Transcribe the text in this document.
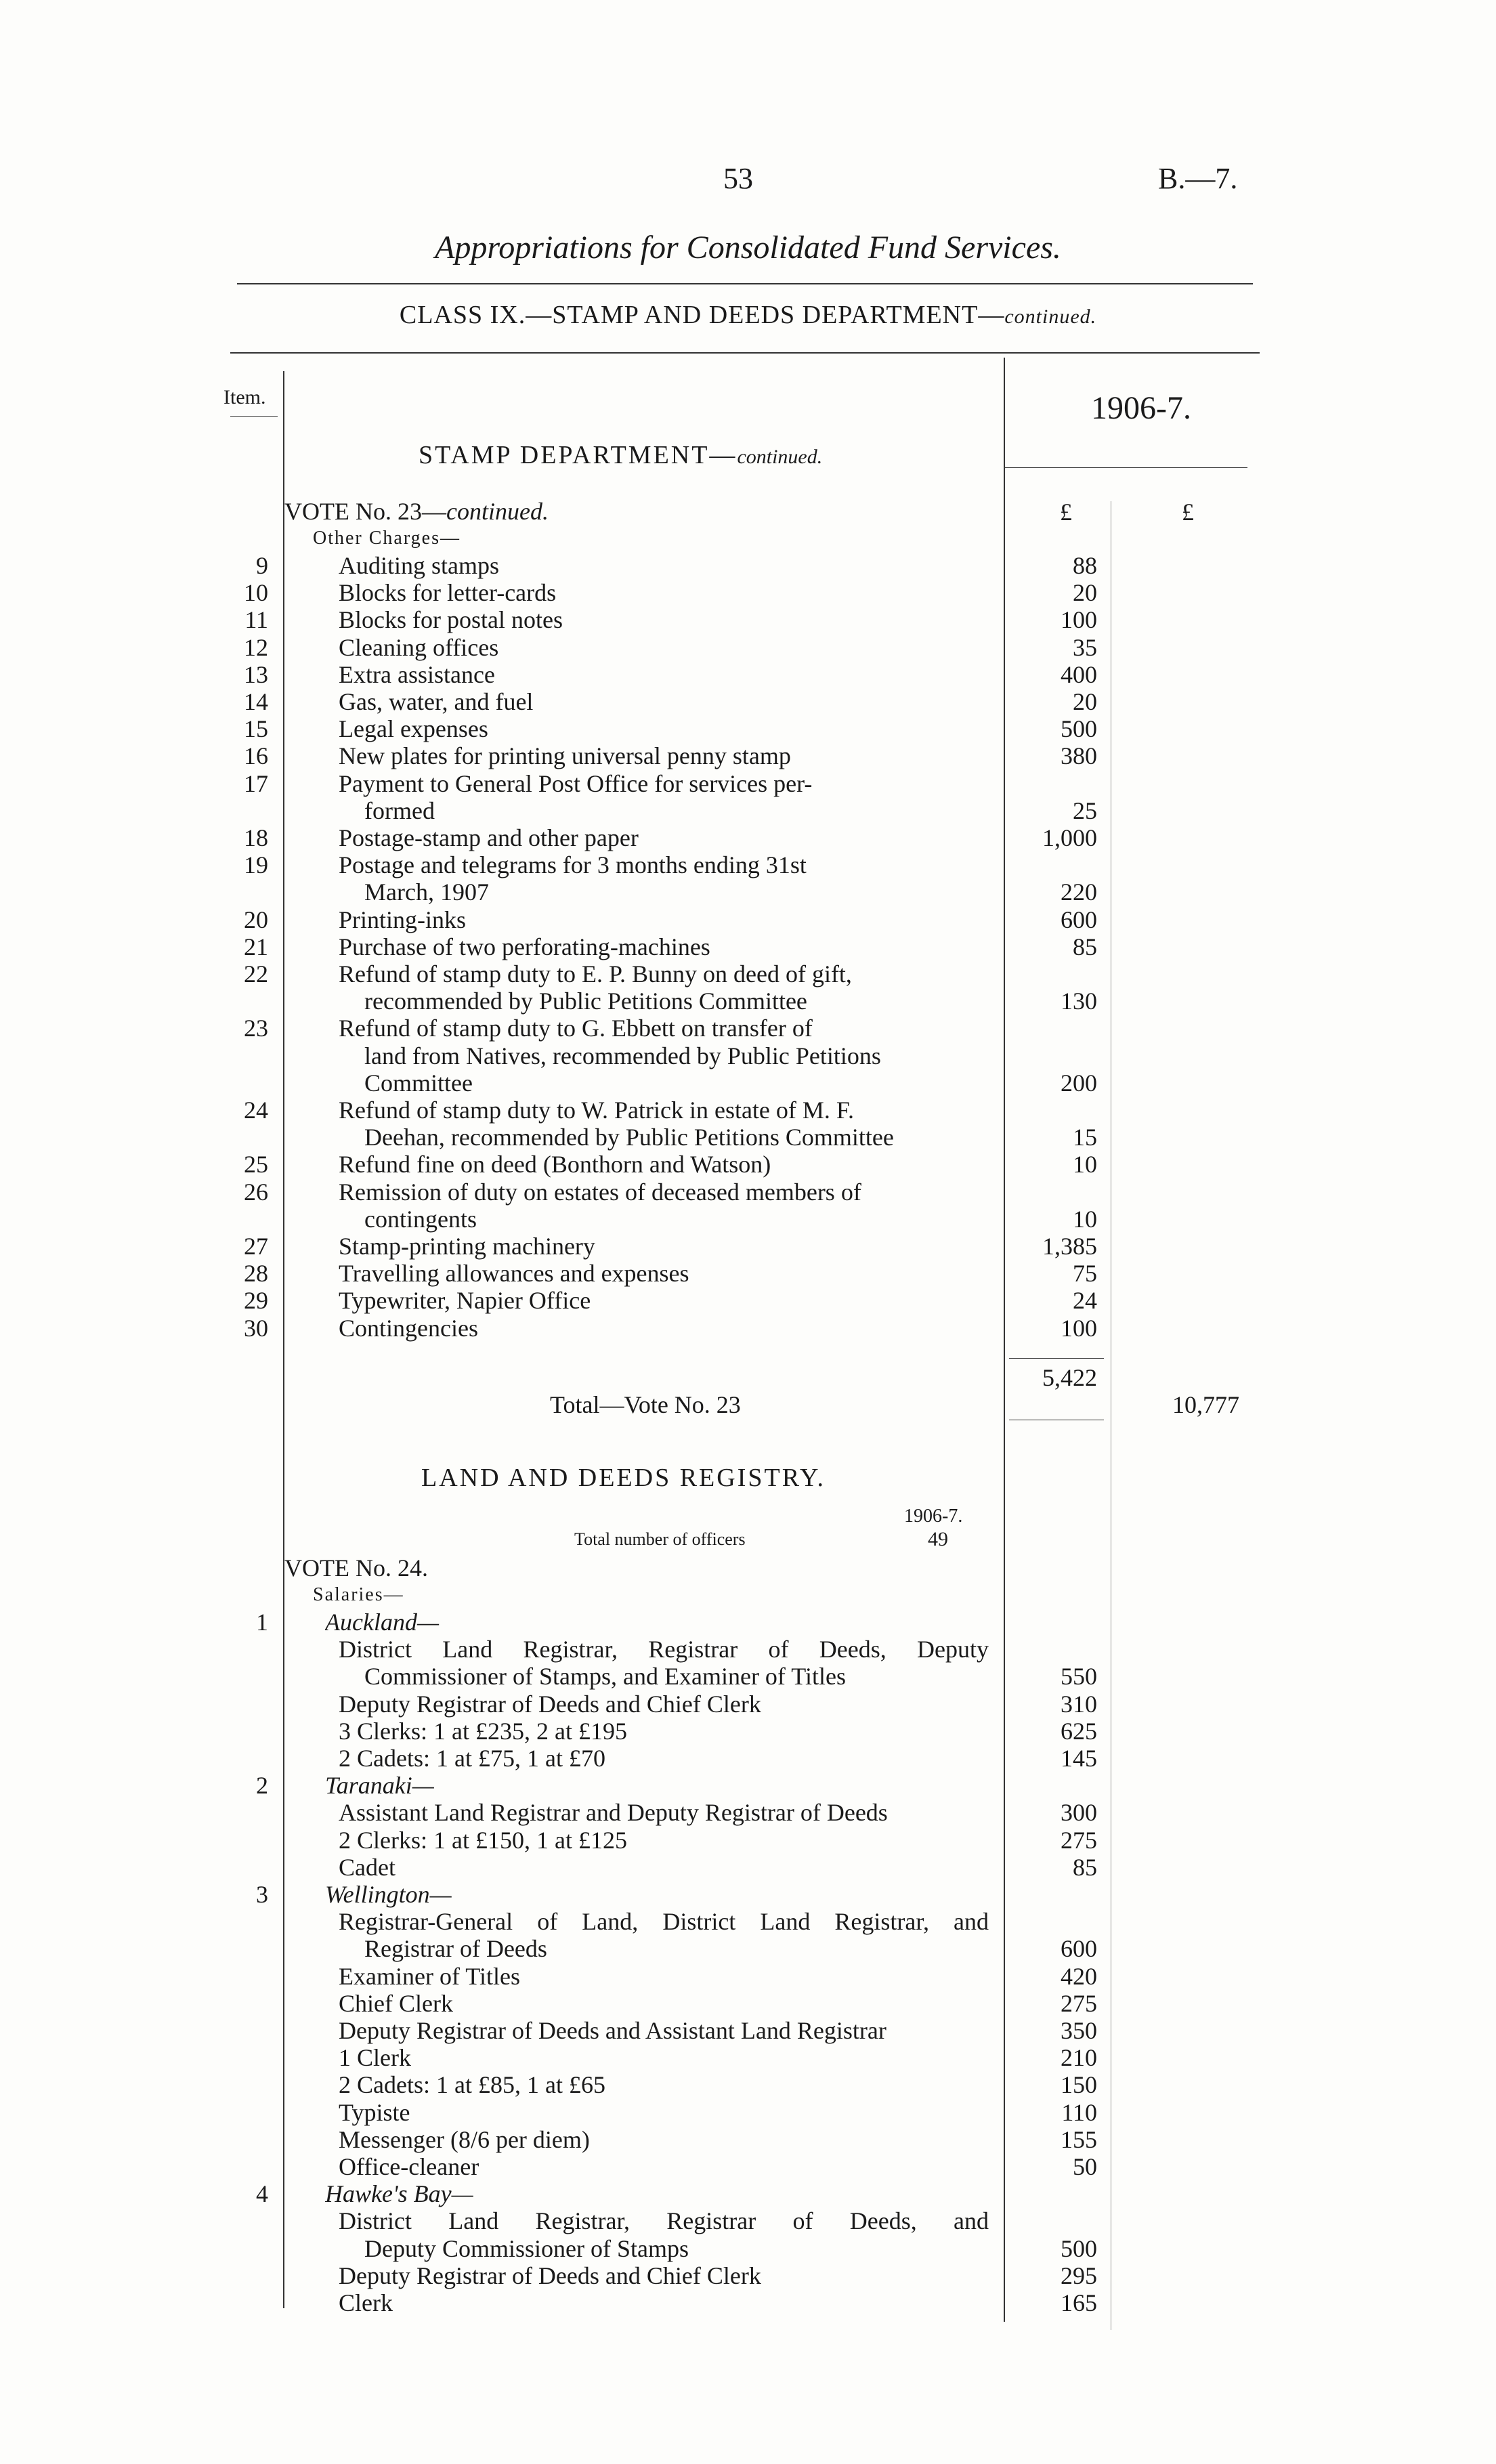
53	B.—7.
Appropriations for Consolidated Fund Services.
CLASS IX.—STAMP AND DEEDS DEPARTMENT—continued.
Item.	1906-7.
STAMP DEPARTMENT—continued.
£	£
VOTE No. 23—continued.
Other Charges—
9	Auditing stamps	88
10	Blocks for letter-cards	20
11	Blocks for postal notes	100
12	Cleaning offices	35
13	Extra assistance	400
14	Gas, water, and fuel	20
15	Legal expenses	500
16	New plates for printing universal penny stamp	380
17	Payment to General Post Office for services per-
formed	25
18	Postage-stamp and other paper	1,000
19	Postage and telegrams for 3 months ending 31st
March, 1907	220
20	Printing-inks	600
21	Purchase of two perforating-machines	85
22	Refund of stamp duty to E. P. Bunny on deed of gift,
recommended by Public Petitions Committee	130
23	Refund of stamp duty to G. Ebbett on transfer of
land from Natives, recommended by Public Petitions
Committee	200
24	Refund of stamp duty to W. Patrick in estate of M. F.
Deehan, recommended by Public Petitions Committee	15
25	Refund fine on deed (Bonthorn and Watson)	10
26	Remission of duty on estates of deceased members of
contingents	10
27	Stamp-printing machinery	1,385
28	Travelling allowances and expenses	75
29	Typewriter, Napier Office	24
30	Contingencies	100
5,422
Total—Vote No. 23	10,777
LAND AND DEEDS REGISTRY.
1906-7.
Total number of officers	49
VOTE No. 24.
Salaries—
1 Auckland—
District Land Registrar, Registrar of Deeds, Deputy
Commissioner of Stamps, and Examiner of Titles	550
Deputy Registrar of Deeds and Chief Clerk	310
3 Clerks: 1 at £235, 2 at £195	625
2 Cadets: 1 at £75, 1 at £70	145
2 Taranaki—
Assistant Land Registrar and Deputy Registrar of Deeds	300
2 Clerks: 1 at £150, 1 at £125	275
Cadet	85
3 Wellington—
Registrar-General of Land, District Land Registrar, and
Registrar of Deeds	600
Examiner of Titles	420
Chief Clerk	275
Deputy Registrar of Deeds and Assistant Land Registrar	350
1 Clerk	210
2 Cadets: 1 at £85, 1 at £65	150
Typiste	110
Messenger (8/6 per diem)	155
Office-cleaner	50
4 Hawke's Bay—
District Land Registrar, Registrar of Deeds, and
Deputy Commissioner of Stamps	500
Deputy Registrar of Deeds and Chief Clerk	295
Clerk	165
